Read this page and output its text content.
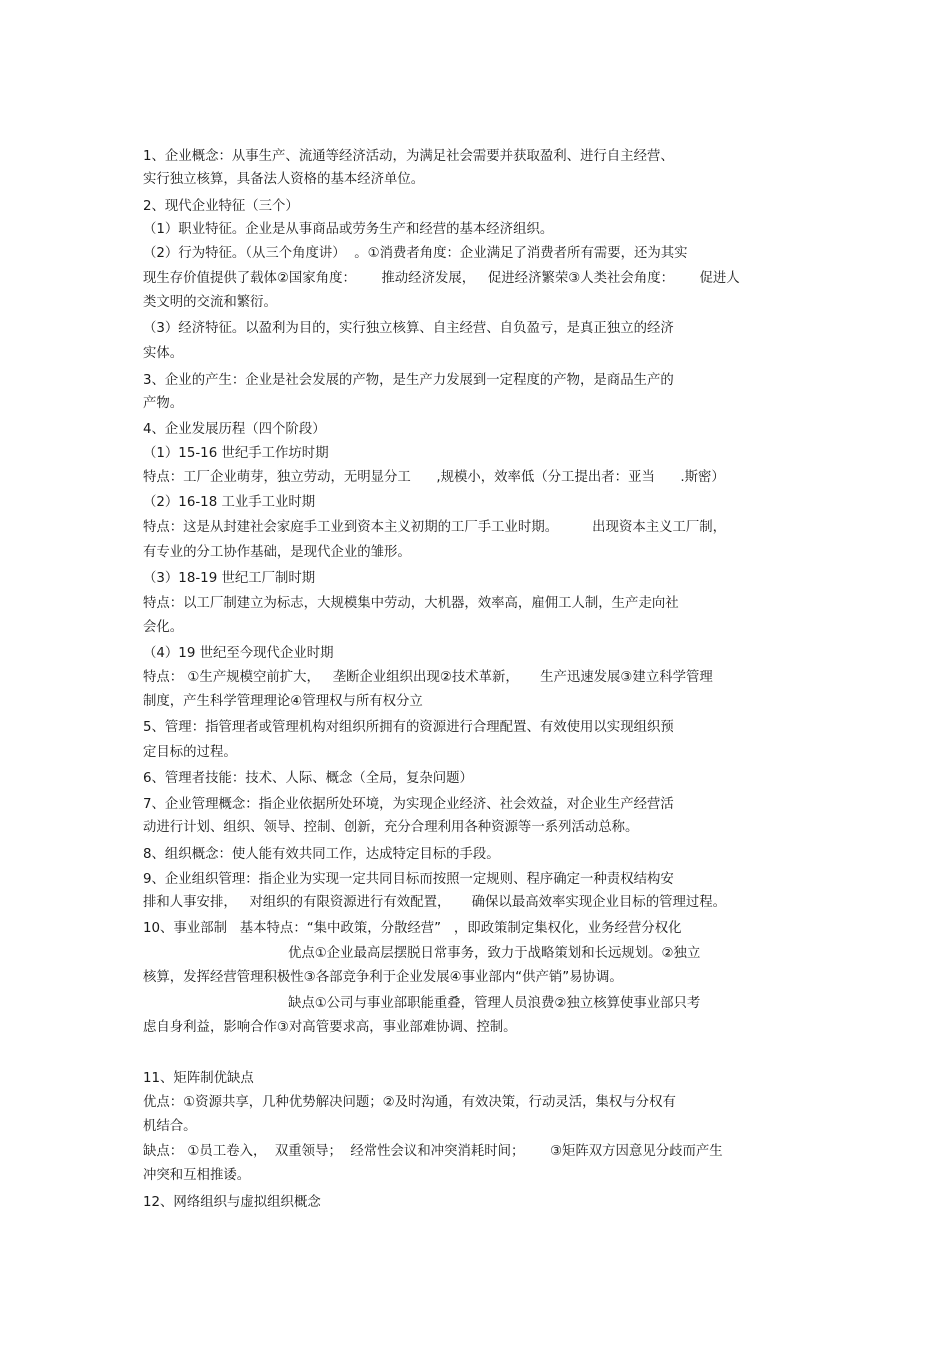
1、企业概念：从事生产、流通等经济活动，为满足社会需要并获取盈利、进行自主经营、
实行独立核算，具备法人资格的基本经济单位。
2、现代企业特征（三个）
（1）职业特征。企业是从事商品或劳务生产和经营的基本经济组织。
（2）行为特征。（从三个角度讲）  。①消费者角度：企业满足了消费者所有需要，还为其实
现生存价值提供了载体②国家角度：      推动经济发展，   促进经济繁荣③人类社会角度：      促进人
类文明的交流和繁衍。
（3）经济特征。以盈利为目的，实行独立核算、自主经营、自负盈亏，是真正独立的经济
实体。
3、企业的产生：企业是社会发展的产物，是生产力发展到一定程度的产物，是商品生产的
产物。
4、企业发展历程（四个阶段）
（1）15-16 世纪手工作坊时期
特点：工厂企业萌芽，独立劳动，无明显分工      ,规模小，效率低（分工提出者：亚当      .斯密）
（2）16-18 工业手工业时期
特点：这是从封建社会家庭手工业到资本主义初期的工厂手工业时期。        出现资本主义工厂制，
有专业的分工协作基础，是现代企业的雏形。
（3）18-19 世纪工厂制时期
特点：以工厂制建立为标志，大规模集中劳动，大机器，效率高，雇佣工人制，生产走向社
会化。
（4）19 世纪至今现代企业时期
特点： ①生产规模空前扩大，   垄断企业组织出现②技术革新，     生产迅速发展③建立科学管理
制度，产生科学管理理论④管理权与所有权分立
5、管理：指管理者或管理机构对组织所拥有的资源进行合理配置、有效使用以实现组织预
定目标的过程。
6、管理者技能：技术、人际、概念（全局，复杂问题）
7、企业管理概念：指企业依据所处环境，为实现企业经济、社会效益，对企业生产经营活
动进行计划、组织、领导、控制、创新，充分合理利用各种资源等一系列活动总称。
8、组织概念：使人能有效共同工作，达成特定目标的手段。
9、企业组织管理：指企业为实现一定共同目标而按照一定规则、程序确定一种责权结构安
排和人事安排，   对组织的有限资源进行有效配置，     确保以最高效率实现企业目标的管理过程。
10、事业部制   基本特点：“集中政策，分散经营”   ，即政策制定集权化，业务经营分权化
优点①企业最高层摆脱日常事务，致力于战略策划和长远规划。②独立
核算，发挥经营管理积极性③各部竞争利于企业发展④事业部内“供产销”易协调。
缺点①公司与事业部职能重叠，管理人员浪费②独立核算使事业部只考
虑自身利益，影响合作③对高管要求高，事业部难协调、控制。
11、矩阵制优缺点
优点：①资源共享，几种优势解决问题；②及时沟通，有效决策，行动灵活，集权与分权有
机结合。
缺点： ①员工卷入，  双重领导；  经常性会议和冲突消耗时间；      ③矩阵双方因意见分歧而产生
冲突和互相推诿。
12、网络组织与虚拟组织概念
